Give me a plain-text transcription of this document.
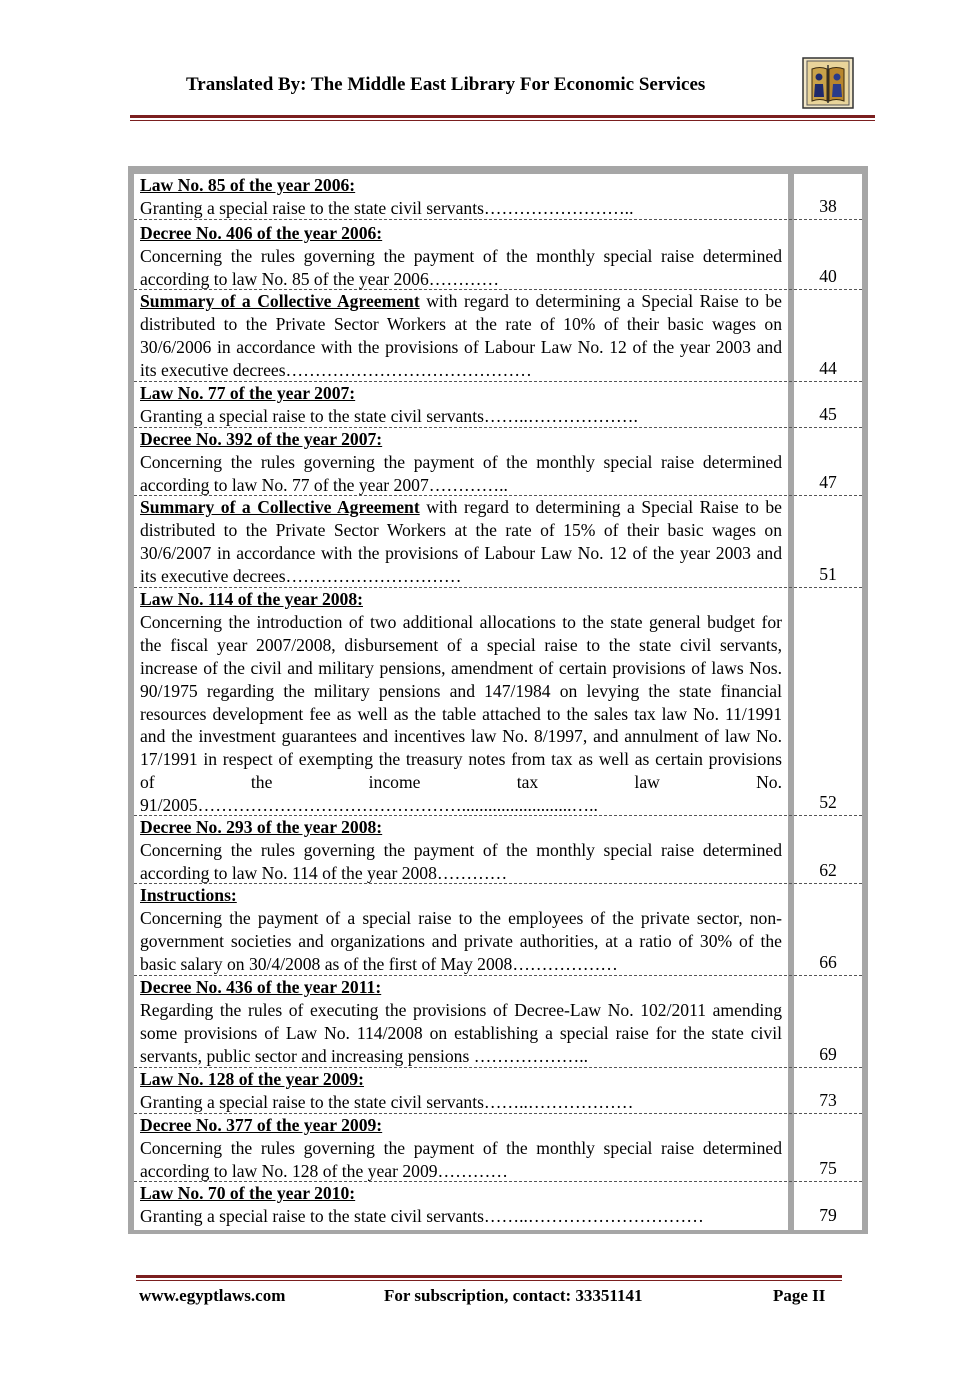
Translated By: The Middle East Library For Economic Services
Law No. 85 of the year 2006:
Granting a special raise to the state civil servants……………………..	38
Decree No. 406 of the year 2006:
Concerning the rules governing the payment of the monthly special raise determined according to law No. 85 of the year 2006…………	40
Summary of a Collective Agreement with regard to determining a Special Raise to be distributed to the Private Sector Workers at the rate of 10% of their basic wages on 30/6/2006 in accordance with the provisions of Labour Law No. 12 of the year 2003 and its executive decrees……………………………………	44
Law No. 77 of the year 2007:
Granting a special raise to the state civil servants……..……………….	45
Decree No. 392 of the year 2007:
Concerning the rules governing the payment of the monthly special raise determined according to law No. 77 of the year 2007…………..	47
Summary of a Collective Agreement with regard to determining a Special Raise to be distributed to the Private Sector Workers at the rate of 15% of their basic wages on 30/6/2007 in accordance with the provisions of Labour Law No. 12 of the year 2003 and its executive decrees…………………………	51
Law No. 114 of the year 2008:
Concerning the introduction of two additional allocations to the state general budget for the fiscal year 2007/2008, disbursement of a special raise to the state civil servants, increase of the civil and military pensions, amendment of certain provisions of laws Nos. 90/1975 regarding the military pensions and 147/1984 on levying the state financial resources development fee as well as the table attached to the sales tax law No. 11/1991 and the investment guarantees and incentives law No. 8/1997, and annulment of law No. 17/1991 in respect of exempting the treasury notes from tax as well as certain provisions of the income tax law No. 91/2005……………………………………….........................…..	52
Decree No. 293 of the year 2008:
Concerning the rules governing the payment of the monthly special raise determined according to law No. 114 of the year 2008…………	62
Instructions:
Concerning the payment of a special raise to the employees of the private sector, non-government societies and organizations and private authorities, at a ratio of 30% of the basic salary on 30/4/2008 as of the first of May 2008………………	66
Decree No. 436 of the year 2011:
Regarding the rules of executing the provisions of Decree-Law No. 102/2011 amending some provisions of Law No. 114/2008 on establishing a special raise for the state civil servants, public sector and increasing pensions ………………..	69
Law No. 128 of the year 2009:
Granting a special raise to the state civil servants……..………………	73
Decree No. 377 of the year 2009:
Concerning the rules governing the payment of the monthly special raise determined according to law No. 128 of the year 2009…………	75
Law No. 70 of the year 2010:
Granting a special raise to the state civil servants……..…………………………	79
www.egyptlaws.com	For subscription, contact: 33351141	Page II
